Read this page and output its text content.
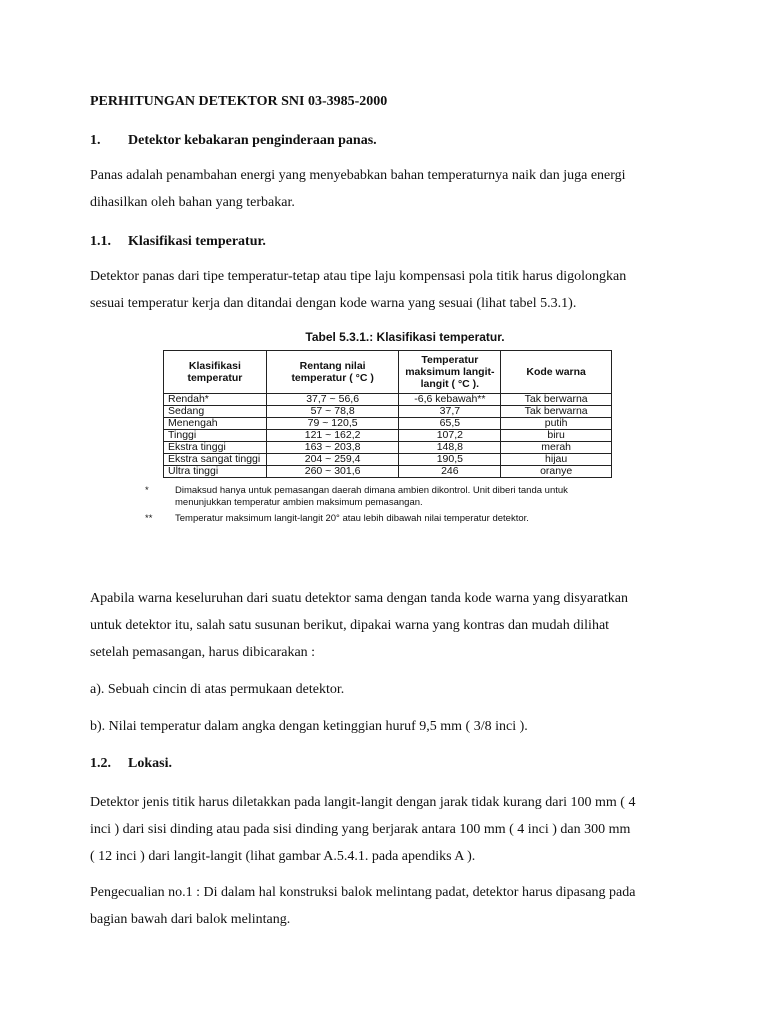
PERHITUNGAN DETEKTOR SNI 03-3985-2000
1. Detektor kebakaran penginderaan panas.
Panas adalah penambahan energi yang menyebabkan bahan temperaturnya naik dan juga energi
dihasilkan oleh bahan yang terbakar.
1.1. Klasifikasi temperatur.
Detektor panas dari tipe temperatur-tetap atau tipe laju kompensasi pola titik harus digolongkan
sesuai temperatur kerja dan ditandai dengan kode warna yang sesuai (lihat tabel 5.3.1).
Tabel 5.3.1.: Klasifikasi temperatur.
Klasifikasi temperatur	Rentang nilai temperatur ( °C )	Temperatur maksimum langit-langit ( °C ).	Kode warna
Rendah*	37,7 ~ 56,6	-6,6 kebawah**	Tak berwarna
Sedang	57 ~ 78,8	37,7	Tak berwarna
Menengah	79 ~ 120,5	65,5	putih
Tinggi	121 ~ 162,2	107,2	biru
Ekstra tinggi	163 ~ 203,8	148,8	merah
Ekstra sangat tinggi	204 ~ 259,4	190,5	hijau
Ultra tinggi	260 ~ 301,6	246	oranye
*	Dimaksud hanya untuk pemasangan daerah dimana ambien dikontrol. Unit diberi tanda untuk menunjukkan temperatur ambien maksimum pemasangan.
**	Temperatur maksimum langit-langit 20° atau lebih dibawah nilai temperatur detektor.
Apabila warna keseluruhan dari suatu detektor sama dengan tanda kode warna yang disyaratkan
untuk detektor itu, salah satu susunan berikut, dipakai warna yang kontras dan mudah dilihat
setelah pemasangan, harus dibicarakan :
a). Sebuah cincin di atas permukaan detektor.
b). Nilai temperatur dalam angka dengan ketinggian huruf 9,5 mm ( 3/8 inci ).
1.2. Lokasi.
Detektor jenis titik harus diletakkan pada langit-langit dengan jarak tidak kurang dari 100 mm ( 4
inci ) dari sisi dinding atau pada sisi dinding yang berjarak antara 100 mm ( 4 inci ) dan 300 mm
( 12 inci ) dari langit-langit (lihat gambar A.5.4.1. pada apendiks A ).
Pengecualian no.1 : Di dalam hal konstruksi balok melintang padat, detektor harus dipasang pada
bagian bawah dari balok melintang.
